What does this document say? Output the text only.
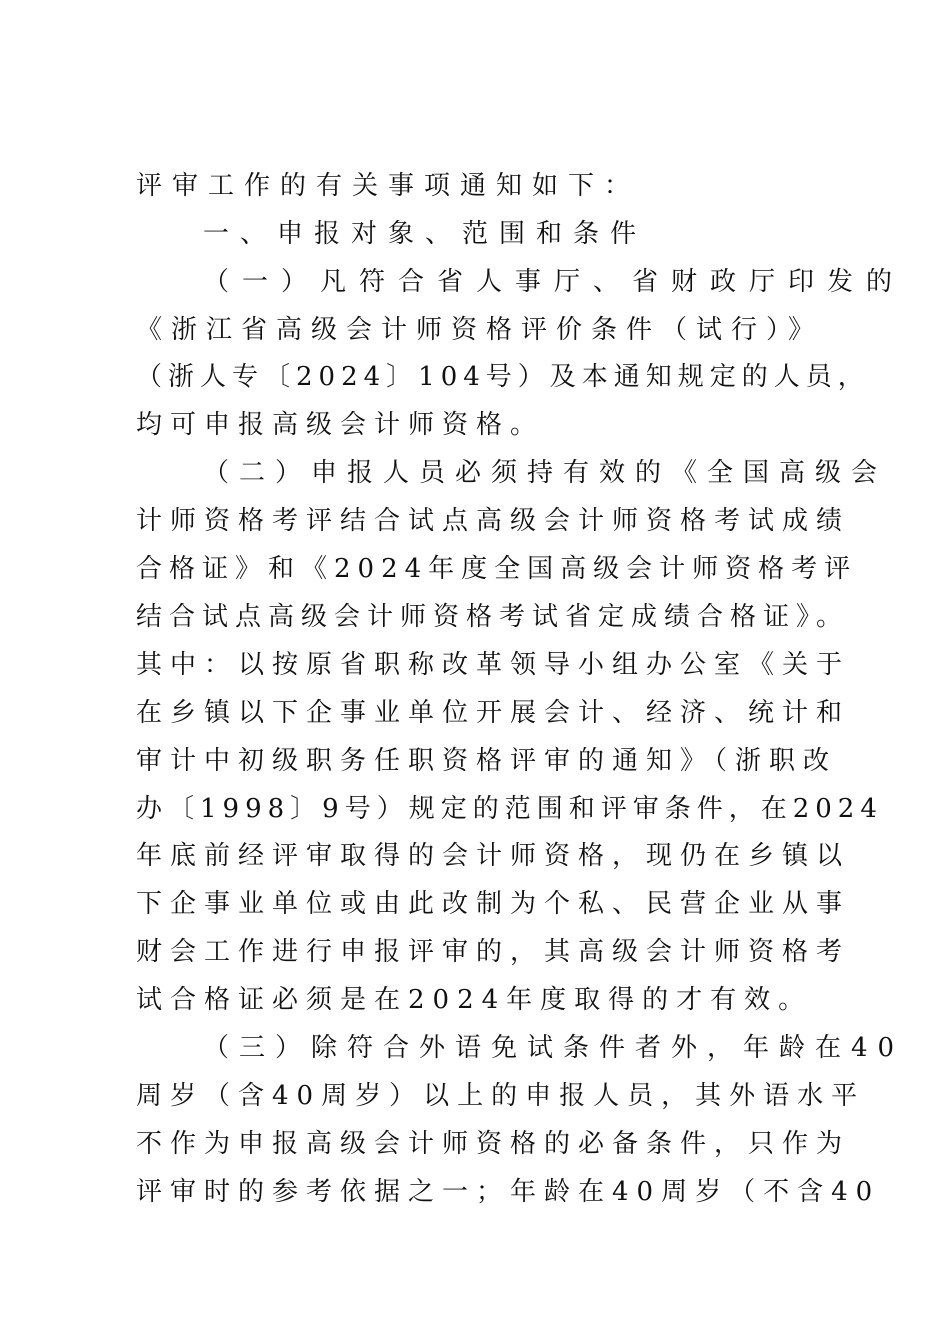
评审工作的有关事项通知如下：
一、申报对象、范围和条件
（一）凡符合省人事厅、省财政厅印发的
《浙江省高级会计师资格评价条件（试行）》
（浙人专〔2024〕104号）及本通知规定的人员，
均可申报高级会计师资格。
（二）申报人员必须持有效的《全国高级会
计师资格考评结合试点高级会计师资格考试成绩
合格证》和《2024年度全国高级会计师资格考评
结合试点高级会计师资格考试省定成绩合格证》。
其中：以按原省职称改革领导小组办公室《关于
在乡镇以下企事业单位开展会计、经济、统计和
审计中初级职务任职资格评审的通知》（浙职改
办〔1998〕9号）规定的范围和评审条件，在2024
年底前经评审取得的会计师资格，现仍在乡镇以
下企事业单位或由此改制为个私、民营企业从事
财会工作进行申报评审的，其高级会计师资格考
试合格证必须是在2024年度取得的才有效。
（三）除符合外语免试条件者外，年龄在40
周岁（含40周岁）以上的申报人员，其外语水平
不作为申报高级会计师资格的必备条件，只作为
评审时的参考依据之一；年龄在40周岁（不含40
